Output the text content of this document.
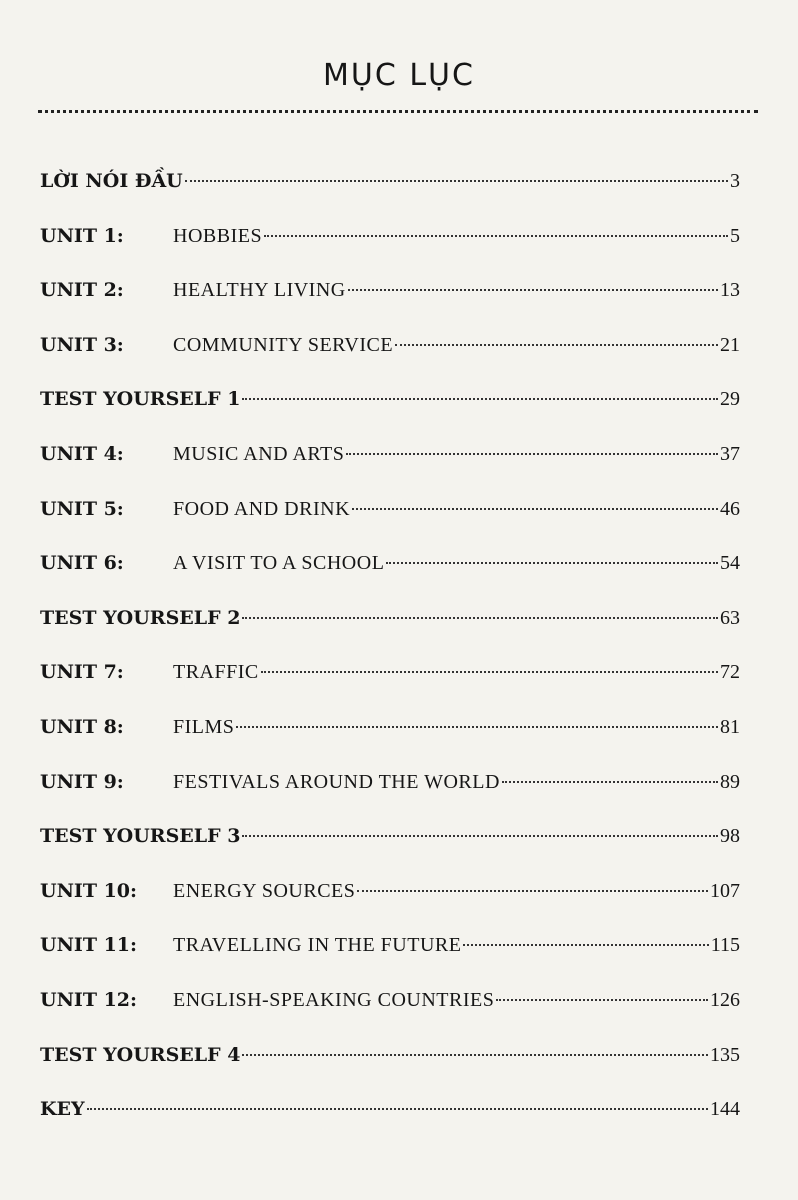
MỤC LỤC
LỜI NÓI ĐẦU	3
UNIT 1:	HOBBIES	5
UNIT 2:	HEALTHY LIVING	13
UNIT 3:	COMMUNITY SERVICE	21
TEST YOURSELF 1	29
UNIT 4:	MUSIC AND ARTS	37
UNIT 5:	FOOD AND DRINK	46
UNIT 6:	A VISIT TO A SCHOOL	54
TEST YOURSELF 2	63
UNIT 7:	TRAFFIC	72
UNIT 8:	FILMS	81
UNIT 9:	FESTIVALS AROUND THE WORLD	89
TEST YOURSELF 3	98
UNIT 10:	ENERGY SOURCES	107
UNIT 11:	TRAVELLING IN THE FUTURE	115
UNIT 12:	ENGLISH-SPEAKING COUNTRIES	126
TEST YOURSELF 4	135
KEY	144
